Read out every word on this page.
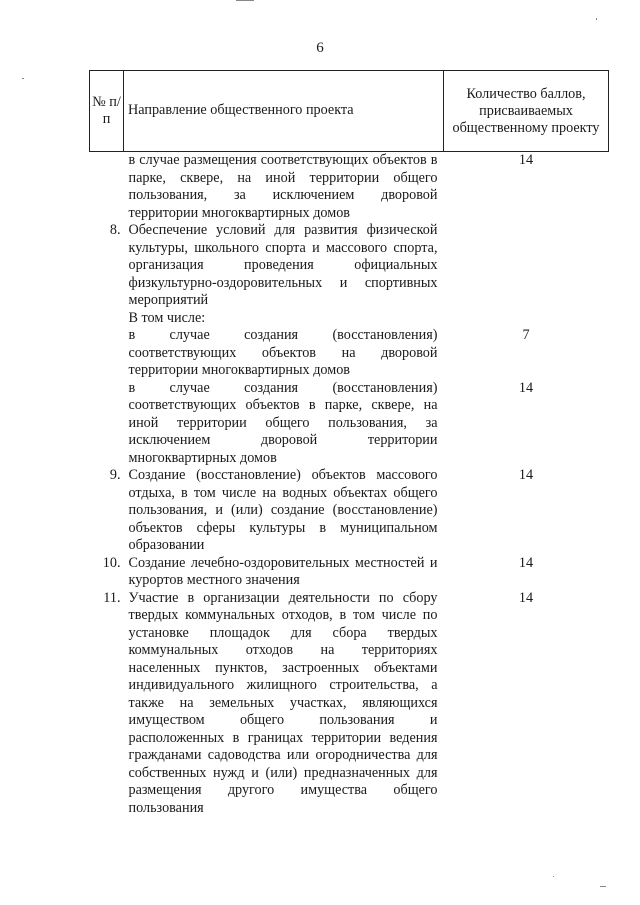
6
№ п/п	Направление общественного проекта	Количество баллов, присваиваемых общественному проекту
	в случае размещения соответствующих объектов в парке, сквере, на иной территории общего пользования, за исключением дворовой территории многоквартирных домов	14
8.	Обеспечение условий для развития физической культуры, школьного спорта и массового спорта, организация проведения официальных физкультурно-оздоровительных и спортивных мероприятий	
	В том числе:	
	в случае создания (восстановления) соответствующих объектов на дворовой территории многоквартирных домов	7
	в случае создания (восстановления) соответствующих объектов в парке, сквере, на иной территории общего пользования, за исключением дворовой территории многоквартирных домов	14
9.	Создание (восстановление) объектов массового отдыха, в том числе на водных объектах общего пользования, и (или) создание (восстановление) объектов сферы культуры в муниципальном образовании	14
10.	Создание лечебно-оздоровительных местностей и курортов местного значения	14
11.	Участие в организации деятельности по сбору твердых коммунальных отходов, в том числе по установке площадок для сбора твердых коммунальных отходов на территориях населенных пунктов, застроенных объектами индивидуального жилищного строительства, а также на земельных участках, являющихся имуществом общего пользования и расположенных в границах территории ведения гражданами садоводства или огородничества для собственных нужд и (или) предназначенных для размещения другого имущества общего пользования	14
